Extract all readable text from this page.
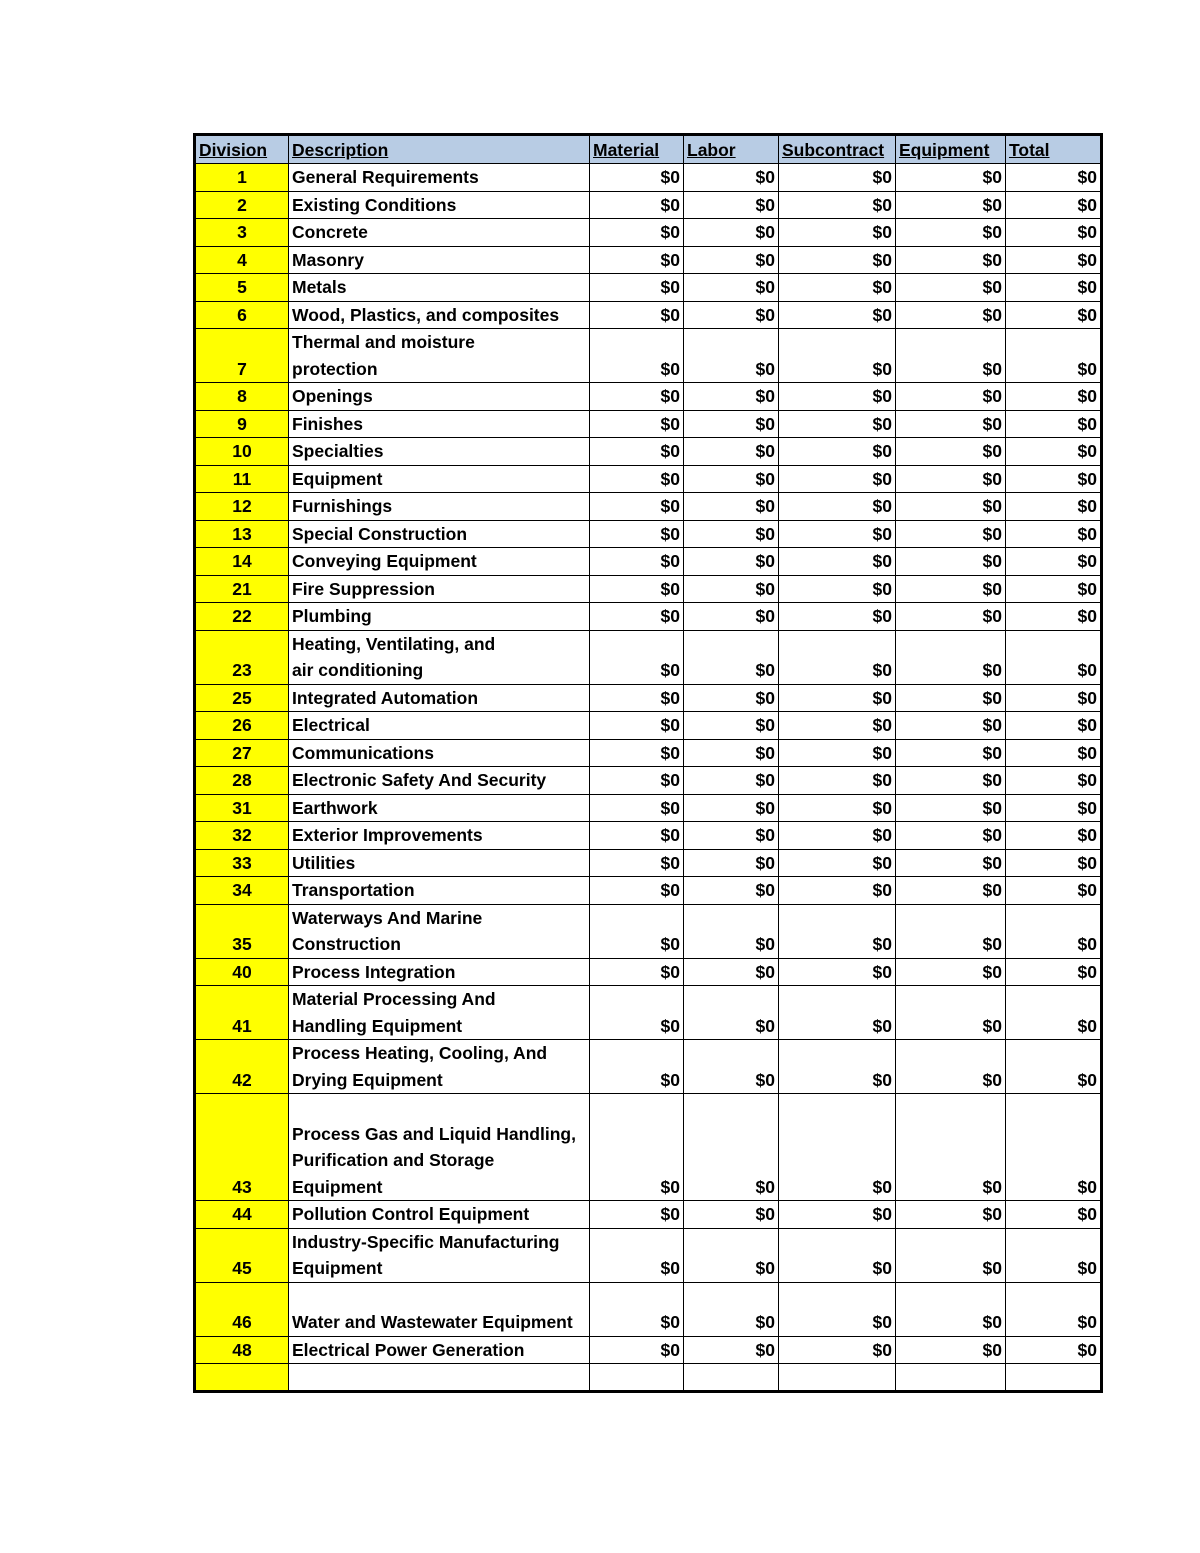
Division	Description	Material	Labor	Subcontract	Equipment	Total
1	General Requirements	$0	$0	$0	$0	$0
2	Existing Conditions	$0	$0	$0	$0	$0
3	Concrete	$0	$0	$0	$0	$0
4	Masonry	$0	$0	$0	$0	$0
5	Metals	$0	$0	$0	$0	$0
6	Wood, Plastics, and composites	$0	$0	$0	$0	$0
7	Thermal and moisture
protection	$0	$0	$0	$0	$0
8	Openings	$0	$0	$0	$0	$0
9	Finishes	$0	$0	$0	$0	$0
10	Specialties	$0	$0	$0	$0	$0
11	Equipment	$0	$0	$0	$0	$0
12	Furnishings	$0	$0	$0	$0	$0
13	Special Construction	$0	$0	$0	$0	$0
14	Conveying Equipment	$0	$0	$0	$0	$0
21	Fire Suppression	$0	$0	$0	$0	$0
22	Plumbing	$0	$0	$0	$0	$0
23	Heating, Ventilating, and
air conditioning	$0	$0	$0	$0	$0
25	Integrated Automation	$0	$0	$0	$0	$0
26	Electrical	$0	$0	$0	$0	$0
27	Communications	$0	$0	$0	$0	$0
28	Electronic Safety And Security	$0	$0	$0	$0	$0
31	Earthwork	$0	$0	$0	$0	$0
32	Exterior Improvements	$0	$0	$0	$0	$0
33	Utilities	$0	$0	$0	$0	$0
34	Transportation	$0	$0	$0	$0	$0
35	Waterways And Marine
Construction	$0	$0	$0	$0	$0
40	Process Integration	$0	$0	$0	$0	$0
41	Material Processing And
Handling Equipment	$0	$0	$0	$0	$0
42	Process Heating, Cooling, And
Drying Equipment	$0	$0	$0	$0	$0
43	
Process Gas and Liquid Handling,
Purification and Storage Equipment	$0	$0	$0	$0	$0
44	Pollution Control Equipment	$0	$0	$0	$0	$0
45	Industry-Specific Manufacturing
Equipment	$0	$0	$0	$0	$0
46	
Water and Wastewater Equipment	$0	$0	$0	$0	$0
48	Electrical Power Generation	$0	$0	$0	$0	$0
